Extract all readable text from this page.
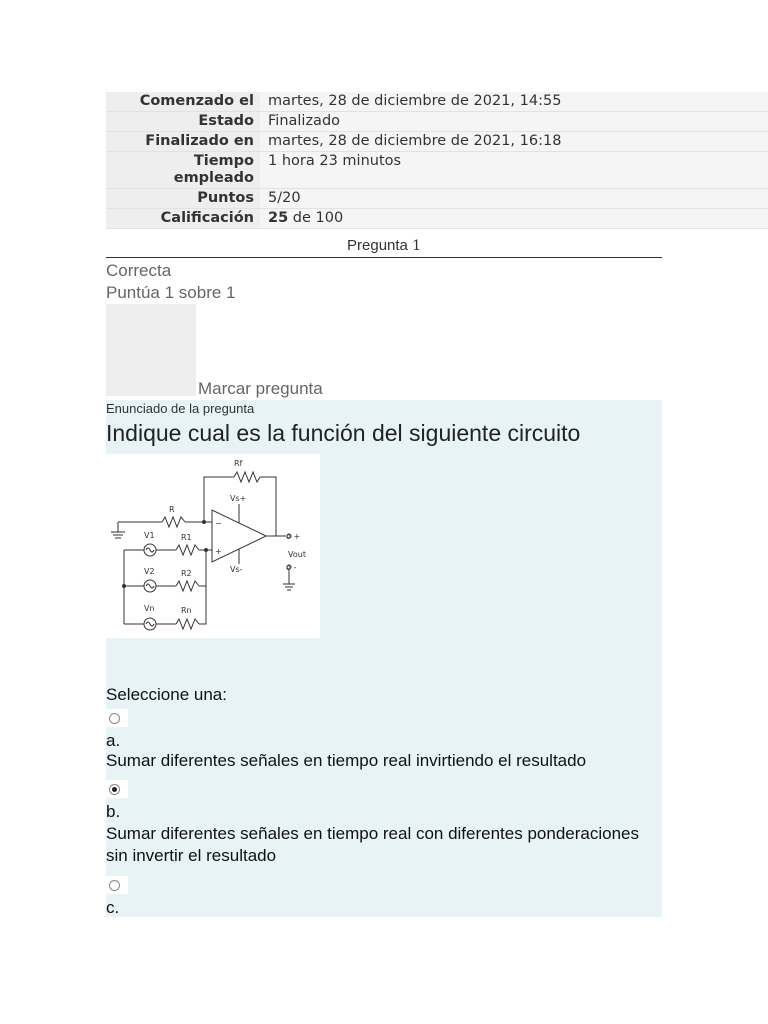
Comenzado el	martes, 28 de diciembre de 2021, 14:55
Estado	Finalizado
Finalizado en	martes, 28 de diciembre de 2021, 16:18
Tiempo empleado	1 hora 23 minutos
Puntos	5/20
Calificación	25 de 100
Pregunta 1
Correcta
Puntúa 1 sobre 1
Marcar pregunta
Enunciado de la pregunta
Indique cual es la función del siguiente circuito
Rf
Vs+
Vs-
R
V1	R1
V2	R2
Vn	Rn
Vout
−
+
o +
o -
Seleccione una:
a.
Sumar diferentes señales en tiempo real invirtiendo el resultado
b.
Sumar diferentes señales en tiempo real con diferentes ponderaciones sin invertir el resultado
c.
